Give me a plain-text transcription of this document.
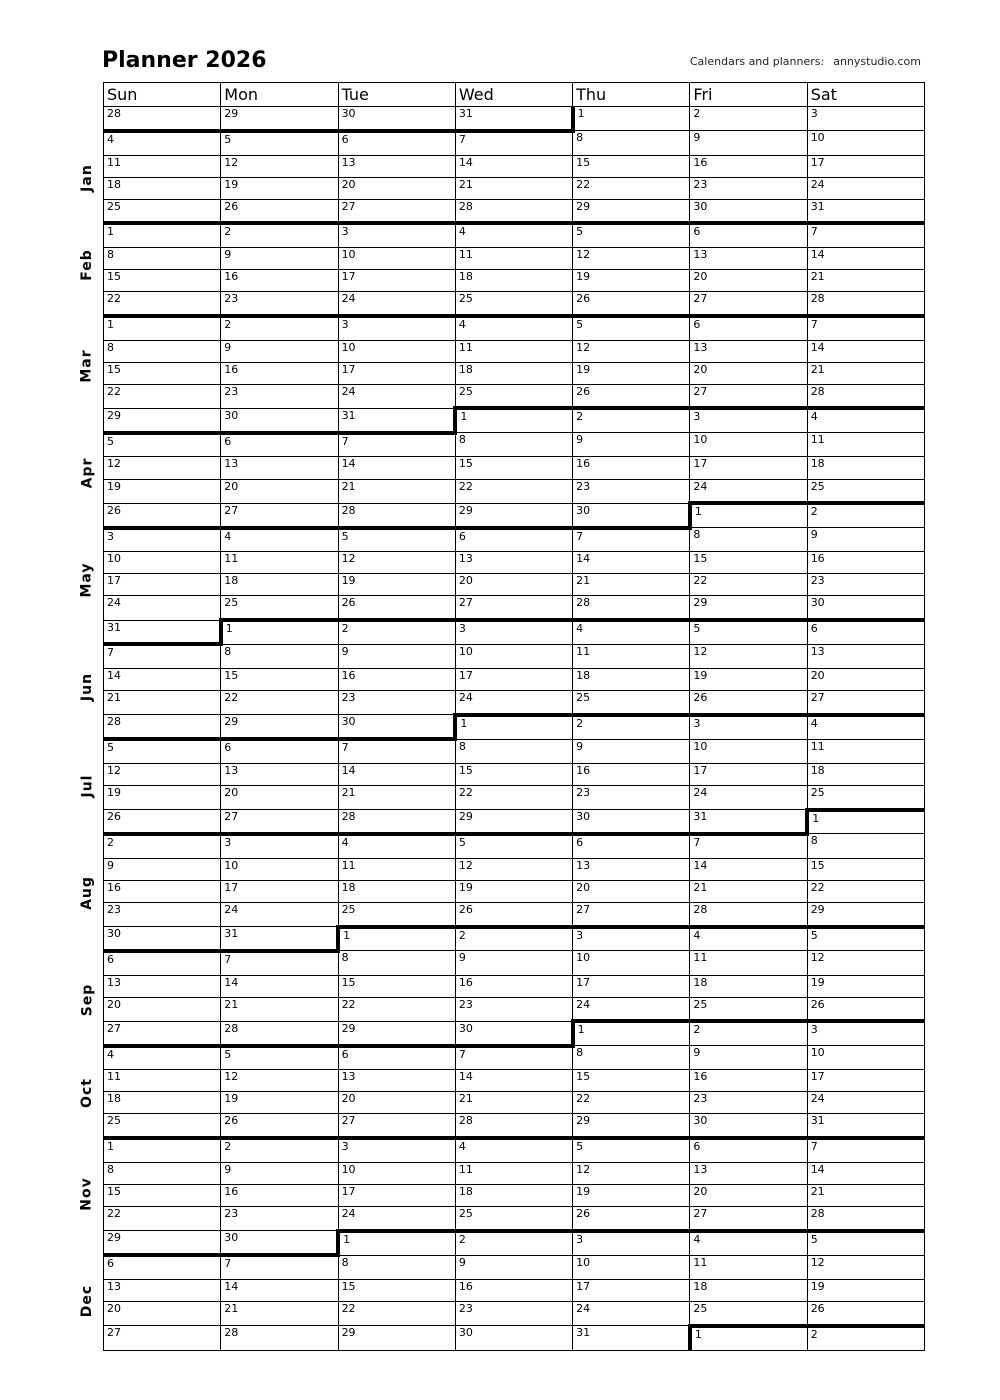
Planner 2026	Calendars and planners: annystudio.com
Sun	Mon	Tue	Wed	Thu	Fri	Sat
28	29	30	31	1	2	3
4	5	6	7	8	9	10
11	12	13	14	15	16	17
18	19	20	21	22	23	24
25	26	27	28	29	30	31
1	2	3	4	5	6	7
8	9	10	11	12	13	14
15	16	17	18	19	20	21
22	23	24	25	26	27	28
1	2	3	4	5	6	7
8	9	10	11	12	13	14
15	16	17	18	19	20	21
22	23	24	25	26	27	28
29	30	31	1	2	3	4
5	6	7	8	9	10	11
12	13	14	15	16	17	18
19	20	21	22	23	24	25
26	27	28	29	30	1	2
3	4	5	6	7	8	9
10	11	12	13	14	15	16
17	18	19	20	21	22	23
24	25	26	27	28	29	30
31	1	2	3	4	5	6
7	8	9	10	11	12	13
14	15	16	17	18	19	20
21	22	23	24	25	26	27
28	29	30	1	2	3	4
5	6	7	8	9	10	11
12	13	14	15	16	17	18
19	20	21	22	23	24	25
26	27	28	29	30	31	1
2	3	4	5	6	7	8
9	10	11	12	13	14	15
16	17	18	19	20	21	22
23	24	25	26	27	28	29
30	31	1	2	3	4	5
6	7	8	9	10	11	12
13	14	15	16	17	18	19
20	21	22	23	24	25	26
27	28	29	30	1	2	3
4	5	6	7	8	9	10
11	12	13	14	15	16	17
18	19	20	21	22	23	24
25	26	27	28	29	30	31
1	2	3	4	5	6	7
8	9	10	11	12	13	14
15	16	17	18	19	20	21
22	23	24	25	26	27	28
29	30	1	2	3	4	5
6	7	8	9	10	11	12
13	14	15	16	17	18	19
20	21	22	23	24	25	26
27	28	29	30	31	1	2
Jan
Feb
Mar
Apr
May
Jun
Jul
Aug
Sep
Oct
Nov
Dec
